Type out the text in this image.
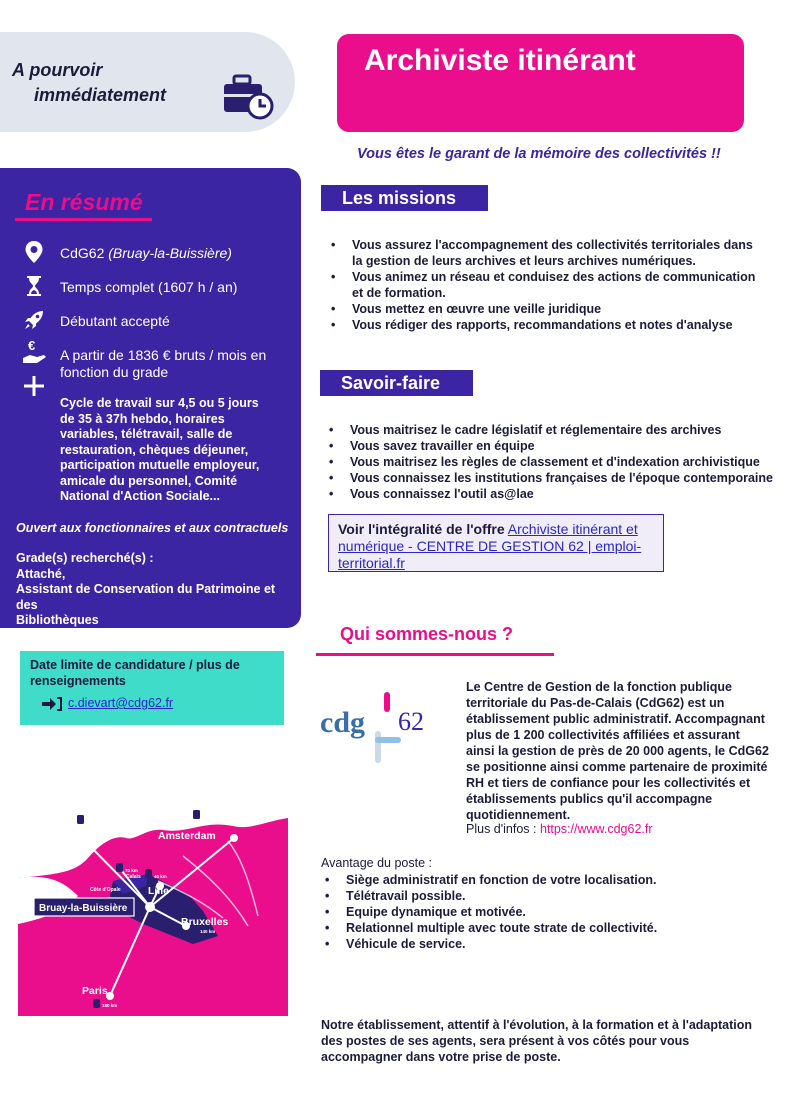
A pourvoir
immédiatement
Archiviste itinérant
Vous êtes le garant de la mémoire des collectivités !!
En résumé
CdG62 (Bruay-la-Buissière)
Temps complet (1607 h / an)
Débutant accepté
€
A partir de 1836 € bruts / mois en
fonction du grade
Cycle de travail sur 4,5 ou 5 jours
de 35 à 37h hebdo, horaires
variables, télétravail, salle de
restauration, chèques déjeuner,
participation mutuelle employeur,
amicale du personnel, Comité
National d'Action Sociale...
Ouvert aux fonctionnaires et aux contractuels
Grade(s) recherché(s) :
Attaché,
Assistant de Conservation du Patrimoine et des
Bibliothèques
Les missions
• Vous assurez l'accompagnement des collectivités territoriales dans la gestion de leurs archives et leurs archives numériques.
• Vous animez un réseau et conduisez des actions de communication et de formation.
• Vous mettez en œuvre une veille juridique
• Vous rédiger des rapports, recommandations et notes d'analyse
Savoir-faire
• Vous maitrisez le cadre législatif et réglementaire des archives
• Vous savez travailler en équipe
• Vous maitrisez les règles de classement et d'indexation archivistique
• Vous connaissez les institutions françaises de l'époque contemporaine
• Vous connaissez l'outil as@lae
Voir l'intégralité de l'offre Archiviste itinérant et numérique - CENTRE DE GESTION 62 | emploi-territorial.fr
Qui sommes-nous ?
Date limite de candidature / plus de renseignements
c.dievart@cdg62.fr
Londres
Amsterdam
Lille
Calais
Côte d'Opale
Bruxelles
Paris
255 km
265 km
70 km
40 km
140 km
180 km
Bruay-la-Buissière
cdg 62
Le Centre de Gestion de la fonction publique territoriale du Pas-de-Calais (CdG62) est un établissement public administratif. Accompagnant plus de 1 200 collectivités affiliées et assurant ainsi la gestion de près de 20 000 agents, le CdG62 se positionne ainsi comme partenaire de proximité RH et tiers de confiance pour les collectivités et établissements publics qu'il accompagne quotidiennement.
Plus d'infos : https://www.cdg62.fr
Avantage du poste :
• Siège administratif en fonction de votre localisation.
• Télétravail possible.
• Equipe dynamique et motivée.
• Relationnel multiple avec toute strate de collectivité.
• Véhicule de service.
Notre établissement, attentif à l'évolution, à la formation et à l'adaptation des postes de ses agents, sera présent à vos côtés pour vous accompagner dans votre prise de poste.
